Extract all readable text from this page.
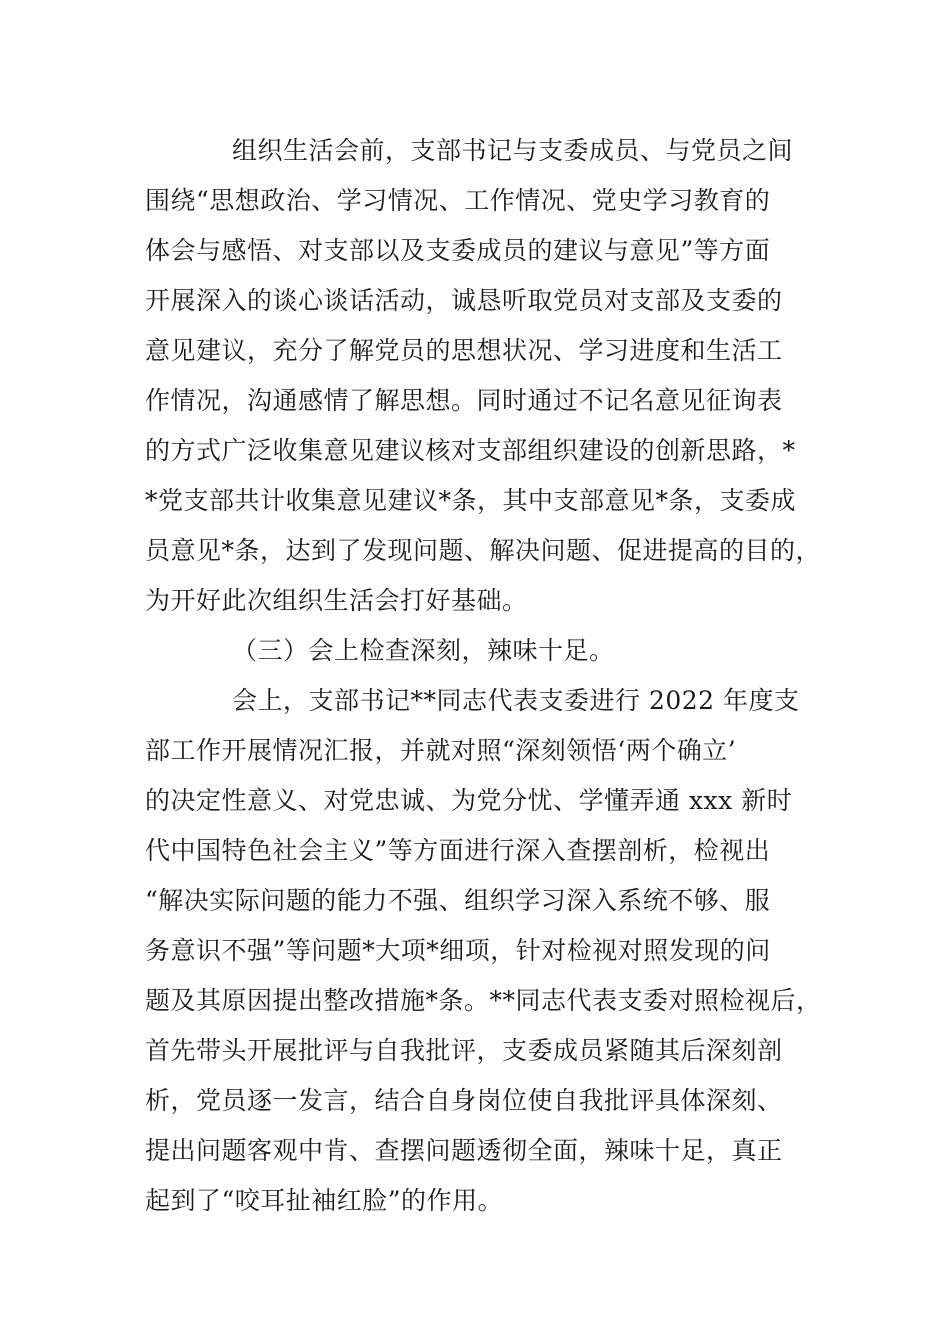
组织生活会前，支部书记与支委成员、与党员之间
围绕“思想政治、学习情况、工作情况、党史学习教育的
体会与感悟、对支部以及支委成员的建议与意见”等方面
开展深入的谈心谈话活动，诚恳听取党员对支部及支委的
意见建议，充分了解党员的思想状况、学习进度和生活工
作情况，沟通感情了解思想。同时通过不记名意见征询表
的方式广泛收集意见建议核对支部组织建设的创新思路，*
*党支部共计收集意见建议*条，其中支部意见*条，支委成
员意见*条，达到了发现问题、解决问题、促进提高的目的，
为开好此次组织生活会打好基础。
（三）会上检查深刻，辣味十足。
会上，支部书记**同志代表支委进行 2022 年度支
部工作开展情况汇报，并就对照“深刻领悟‘两个确立’
的决定性意义、对党忠诚、为党分忧、学懂弄通 xxx 新时
代中国特色社会主义”等方面进行深入查摆剖析，检视出
“解决实际问题的能力不强、组织学习深入系统不够、服
务意识不强”等问题*大项*细项，针对检视对照发现的问
题及其原因提出整改措施*条。**同志代表支委对照检视后，
首先带头开展批评与自我批评，支委成员紧随其后深刻剖
析，党员逐一发言，结合自身岗位使自我批评具体深刻、
提出问题客观中肯、查摆问题透彻全面，辣味十足，真正
起到了“咬耳扯袖红脸”的作用。
